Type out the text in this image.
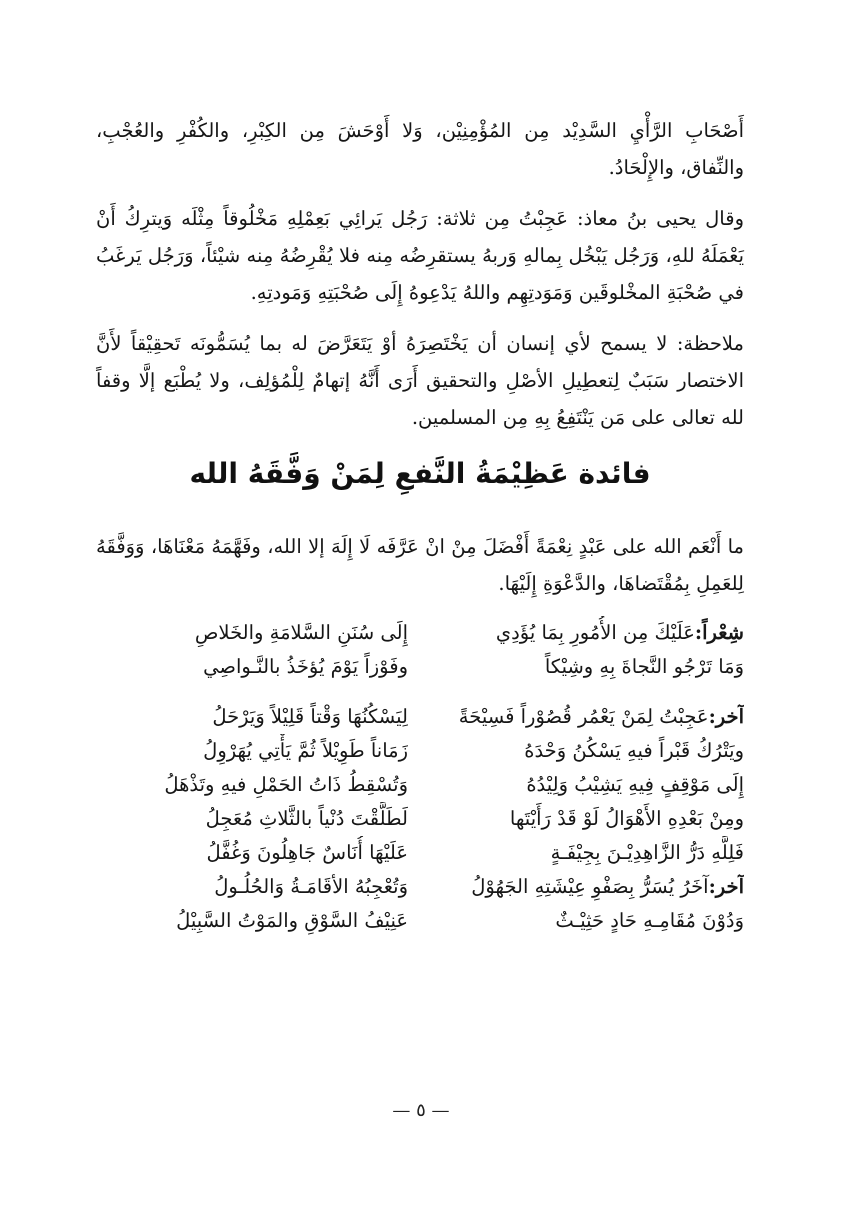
أَصْحَابِ الرَّأْيِ السَّدِيْد مِن المُؤْمِنِيْن، وَلا أَوْحَشَ مِن الكِبْرِ، والكُفْرِ والعُجْبِ، والنِّفاق، والإِلْحَادُ.

وقال يحيى بنُ معاذ: عَجِبْتُ مِن ثلاثة: رَجُل يَرائِي بَعِمْلِهِ مَخْلُوقاً مِثْلَه وَيترِكُ أَنْ يَعْمَلَهُ للهِ، وَرَجُل يَبْخُل بِمالهِ وَربهُ يستقرِضُه مِنه فلا يُقْرِضُهُ مِنه شيْئاً، وَرَجُل يَرغَبُ في صُحْبَةِ المخْلوقَين وَمَوَدتِهِم واللهُ يَدْعِوهُ إِلَى صُحْبَتِهِ وَمَودتِهِ.

ملاحظة: لا يسمح لأي إنسان أن يَخْتَصِرَهُ أوْ يَتَعَرَّضَ له بما يُسَمُّونَه تَحقِيْقاً لأَنَّ الاختصار سَبَبٌ لِتعطِيلِ الأصْلِ والتحقيق أَرَى أَنَّهُ إتهامٌ لِلْمُؤلِف، ولا يُطْبَع إلَّا وقفاً لله تعالى على مَن يَنْتَفِعُ بِهِ مِن المسلمين.

فائدة عَظِيْمَةُ النَّفعِ لِمَنْ وَفَّقَهُ الله

ما أَنْعَم الله على عَبْدٍ نِعْمَةً أَفْضَلَ مِنْ انْ عَرَّفَه لَا إِلَهَ إلا الله، وفَهَّمَهُ مَعْنَاهَا، وَوَفَّقَهُ لِلعَمِلِ بِمُقْتَضاهَا، والدَّعْوَةِ إِلَيْهَا.

شِعْراً:عَلَيْكَ مِن الأُمُورِ بِمَا يُؤَدِي
إِلَى سُنَنِ السَّلامَةِ والخَلاصِ
وَمَا تَرْجُو النَّجاةَ بِهِ وشِيْكاً
وفَوْزاً يَوْمَ يُؤخَذُ بالنَّـواصِي
آخر:عَجِبْتُ لِمَنْ يَعْمُر قُصُوْراً فَسِيْحَةً
لِيَسْكُنُهَا وَقْتاً قَلِيْلاً وَيَرْحَلُ
ويَتْرُكُ قَبْراً فيهِ يَسْكُنُ وَحْدَهُ
زَمَاناً طَوِيْلاً ثُمَّ يَأْتِي يُهَرْوِلُ
إِلَى مَوْقِفٍ فِيهِ يَشِيْبُ وَلِيْدُهُ
وَتُسْقِطُ ذَاتُ الحَمْلِ فيهِ وتَذْهَلُ
ومِنْ بَعْدِهِ الأَهْوَالُ لَوْ قَدْ رَأَيْتَها
لَطَلَّقْتَ دُنْياً بالثَّلاثِ مُعَجِلُ
فَلِلَّهِ دَرُّ الزَّاهِدِيْـنَ بِجِيْفَـةٍ
عَلَيْهَا أُنَاسٌ جَاهِلُونَ وَغُفَّلُ
آخر:آخَرُ يُسَرُّ بِصَفْوِ عِيْشَتِهِ الجَهُوْلُ
وَتُعْجِبُهُ الأقَامَـةُ وَالحُلُـولُ
وَدُوْنَ مُقَامِـهِ حَادٍ حَثِيْـثٌ
عَنِيْفُ السَّوْقِ والمَوْتُ السَّبِيْلُ
— ٥ —
